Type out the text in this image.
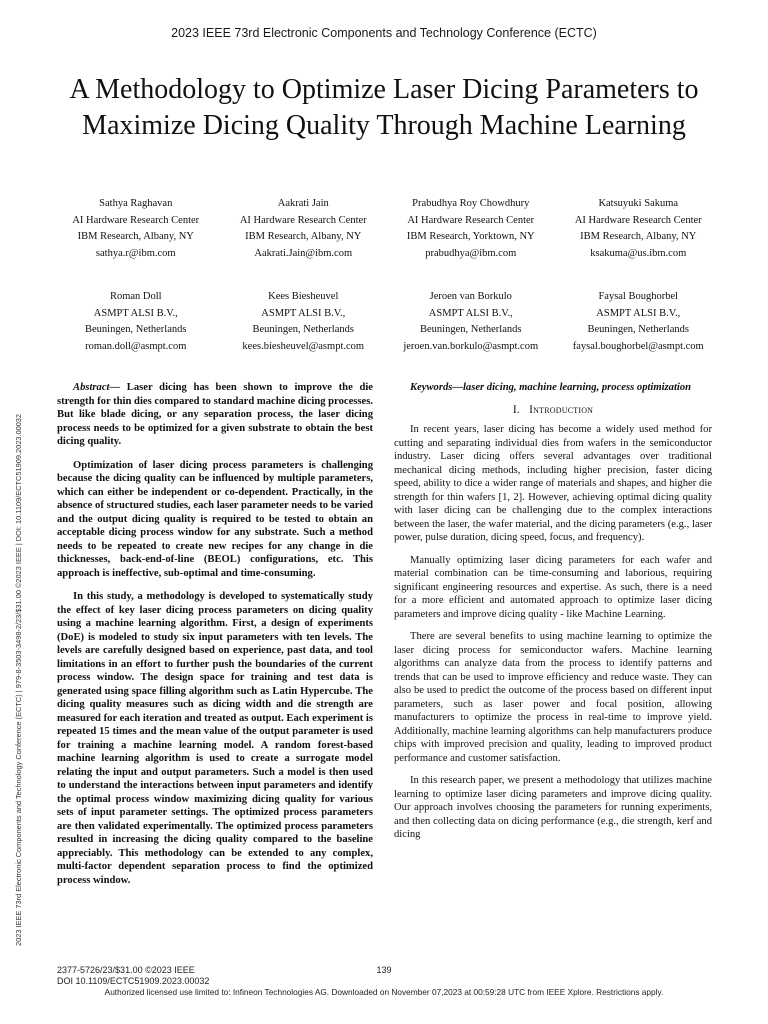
2023 IEEE 73rd Electronic Components and Technology Conference (ECTC)
A Methodology to Optimize Laser Dicing Parameters to Maximize Dicing Quality Through Machine Learning
Sathya Raghavan
AI Hardware Research Center
IBM Research, Albany, NY
sathya.r@ibm.com
Aakrati Jain
AI Hardware Research Center
IBM Research, Albany, NY
Aakrati.Jain@ibm.com
Prabudhya Roy Chowdhury
AI Hardware Research Center
IBM Research, Yorktown, NY
prabudhya@ibm.com
Katsuyuki Sakuma
AI Hardware Research Center
IBM Research, Albany, NY
ksakuma@us.ibm.com
Roman Doll
ASMPT ALSI B.V.,
Beuningen, Netherlands
roman.doll@asmpt.com
Kees Biesheuvel
ASMPT ALSI B.V.,
Beuningen, Netherlands
kees.biesheuvel@asmpt.com
Jeroen van Borkulo
ASMPT ALSI B.V.,
Beuningen, Netherlands
jeroen.van.borkulo@asmpt.com
Faysal Boughorbel
ASMPT ALSI B.V.,
Beuningen, Netherlands
faysal.boughorbel@asmpt.com
2023 IEEE 73rd Electronic Components and Technology Conference (ECTC) | 979-8-3503-3498-2/23/$31.00 ©2023 IEEE | DOI: 10.1109/ECTC51909.2023.00032

Abstract— Laser dicing has been shown to improve the die strength for thin dies compared to standard machine dicing processes. But like blade dicing, or any separation process, the laser dicing process needs to be optimized for a given substrate to obtain the best dicing quality.

Optimization of laser dicing process parameters is challenging because the dicing quality can be influenced by multiple parameters, which can either be independent or co-dependent. Practically, in the absence of structured studies, each laser parameter needs to be varied and the output dicing quality is required to be tested to obtain an acceptable dicing process window for any substrate. Such a method needs to be repeated to create new recipes for any change in die thicknesses, back-end-of-line (BEOL) configurations, etc. This approach is ineffective, sub-optimal and time-consuming.

In this study, a methodology is developed to systematically study the effect of key laser dicing process parameters on dicing quality using a machine learning algorithm. First, a design of experiments (DoE) is modeled to study six input parameters with ten levels. The levels are carefully designed based on experience, past data, and tool limitations in an effort to further push the boundaries of the current process window. The design space for training and test data is generated using space filling algorithm such as Latin Hypercube. The dicing quality measures such as dicing width and die strength are measured for each iteration and treated as output. Each experiment is repeated 15 times and the mean value of the output parameter is used for training a machine learning model. A random forest-based machine learning algorithm is used to create a surrogate model relating the input and output parameters. Such a model is then used to understand the interactions between input parameters and identify the optimal process window maximizing dicing quality for various sets of input parameter settings. The optimized process parameters are then validated experimentally. The optimized process parameters resulted in increasing the dicing quality compared to the baseline appreciably. This methodology can be extended to any complex, multi-factor dependent separation process to find the optimized process window.

Keywords—laser dicing, machine learning, process optimization

I. Introduction

In recent years, laser dicing has become a widely used method for cutting and separating individual dies from wafers in the semiconductor industry. Laser dicing offers several advantages over traditional mechanical dicing methods, including higher precision, faster dicing speed, ability to dice a wider range of materials and shapes, and higher die strength for thin wafers [1, 2]. However, achieving optimal dicing quality with laser dicing can be challenging due to the complex interactions between the laser, the wafer material, and the dicing parameters (e.g., laser power, pulse duration, dicing speed, focus, and frequency).

Manually optimizing laser dicing parameters for each wafer and material combination can be time-consuming and laborious, requiring significant engineering resources and expertise. As such, there is a need for a more efficient and automated approach to optimize laser dicing parameters and improve dicing quality - like Machine Learning.

There are several benefits to using machine learning to optimize the laser dicing process for semiconductor wafers. Machine learning algorithms can analyze data from the process to identify patterns and trends that can be used to improve efficiency and reduce waste. They can also be used to predict the outcome of the process based on different input parameters, such as laser power and focal position, allowing manufacturers to optimize the process in real-time to improve yield. Additionally, machine learning algorithms can help manufacturers produce chips with improved precision and quality, leading to improved product performance and customer satisfaction.

In this research paper, we present a methodology that utilizes machine learning to optimize laser dicing parameters and improve dicing quality. Our approach involves choosing the parameters for running experiments, and then collecting data on dicing performance (e.g., die strength, kerf and dicing

2377-5726/23/$31.00 ©2023 IEEE
DOI 10.1109/ECTC51909.2023.00032
139
Authorized licensed use limited to: Infineon Technologies AG. Downloaded on November 07,2023 at 00:59:28 UTC from IEEE Xplore. Restrictions apply.
